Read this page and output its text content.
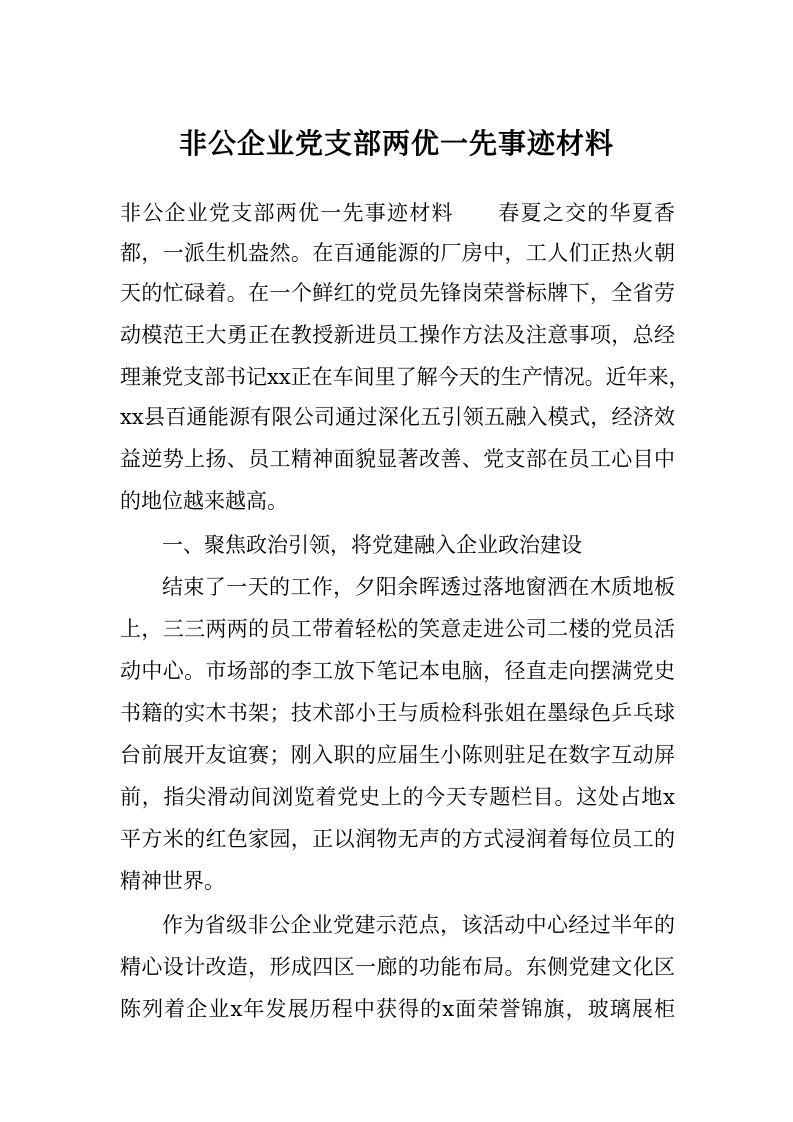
非公企业党支部两优一先事迹材料

非公企业党支部两优一先事迹材料　　春夏之交的华夏香

都，一派生机盎然。在百通能源的厂房中，工人们正热火朝

天的忙碌着。在一个鲜红的党员先锋岗荣誉标牌下，全省劳

动模范王大勇正在教授新进员工操作方法及注意事项，总经

理兼党支部书记xx正在车间里了解今天的生产情况。近年来，

xx县百通能源有限公司通过深化五引领五融入模式，经济效

益逆势上扬、员工精神面貌显著改善、党支部在员工心目中

的地位越来越高。

一、聚焦政治引领，将党建融入企业政治建设

结束了一天的工作，夕阳余晖透过落地窗洒在木质地板

上，三三两两的员工带着轻松的笑意走进公司二楼的党员活

动中心。市场部的李工放下笔记本电脑，径直走向摆满党史

书籍的实木书架；技术部小王与质检科张姐在墨绿色乒乓球

台前展开友谊赛；刚入职的应届生小陈则驻足在数字互动屏

前，指尖滑动间浏览着党史上的今天专题栏目。这处占地x

平方米的红色家园，正以润物无声的方式浸润着每位员工的

精神世界。

作为省级非公企业党建示范点，该活动中心经过半年的

精心设计改造，形成四区一廊的功能布局。东侧党建文化区

陈列着企业x年发展历程中获得的x面荣誉锦旗，玻璃展柜
